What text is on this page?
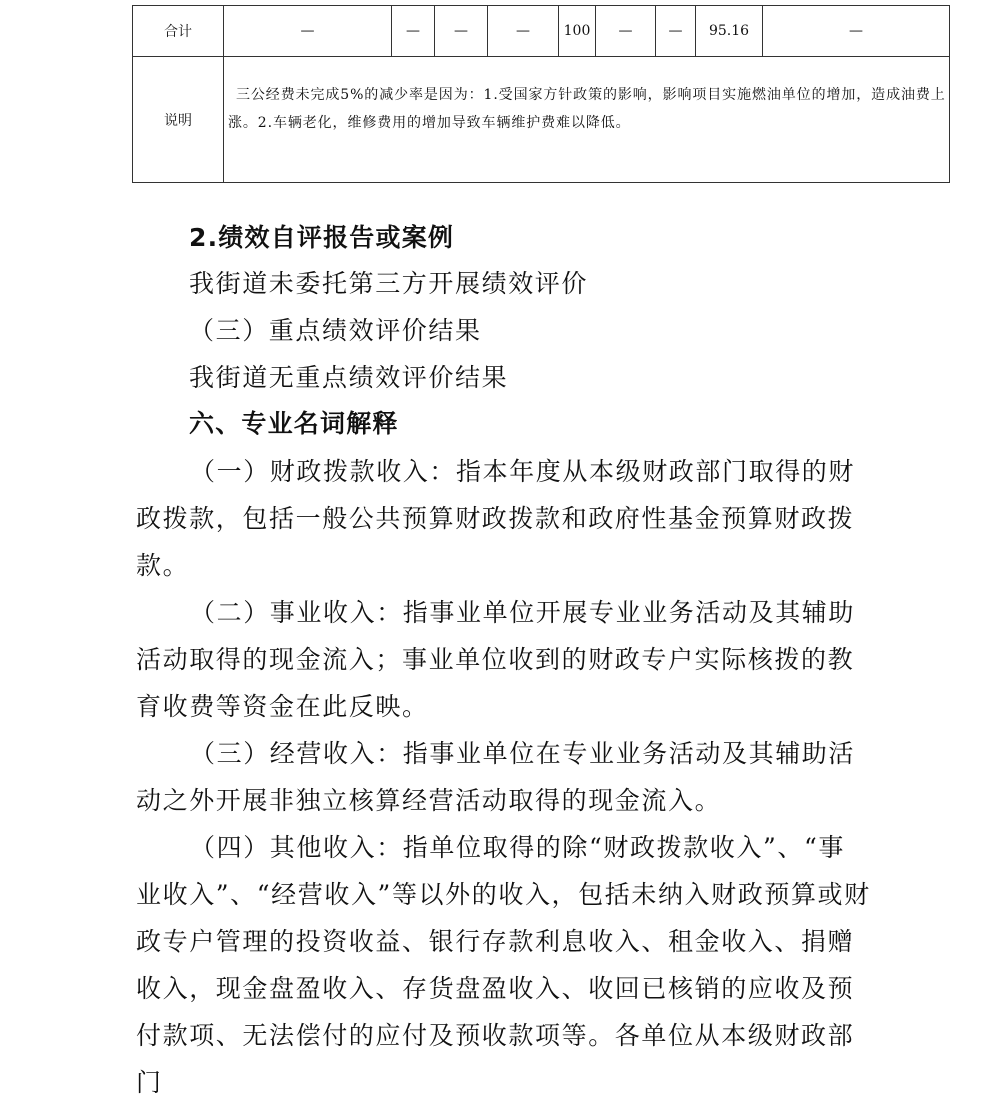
合计	—	—	—	—	100	—	—	95.16	—
说明	三公经费未完成5%的减少率是因为：1.受国家方针政策的影响，影响项目实施燃油单位的增加，造成油费上涨。2.车辆老化，维修费用的增加导致车辆维护费难以降低。								

2.绩效自评报告或案例

我街道未委托第三方开展绩效评价

（三）重点绩效评价结果

我街道无重点绩效评价结果

六、专业名词解释

（一）财政拨款收入：指本年度从本级财政部门取得的财政拨款，包括一般公共预算财政拨款和政府性基金预算财政拨款。

（二）事业收入：指事业单位开展专业业务活动及其辅助活动取得的现金流入；事业单位收到的财政专户实际核拨的教育收费等资金在此反映。

（三）经营收入：指事业单位在专业业务活动及其辅助活动之外开展非独立核算经营活动取得的现金流入。

（四）其他收入：指单位取得的除“财政拨款收入”、“事业收入”、“经营收入”等以外的收入，包括未纳入财政预算或财政专户管理的投资收益、银行存款利息收入、租金收入、捐赠收入，现金盘盈收入、存货盘盈收入、收回已核销的应收及预付款项、无法偿付的应付及预收款项等。各单位从本级财政部门
